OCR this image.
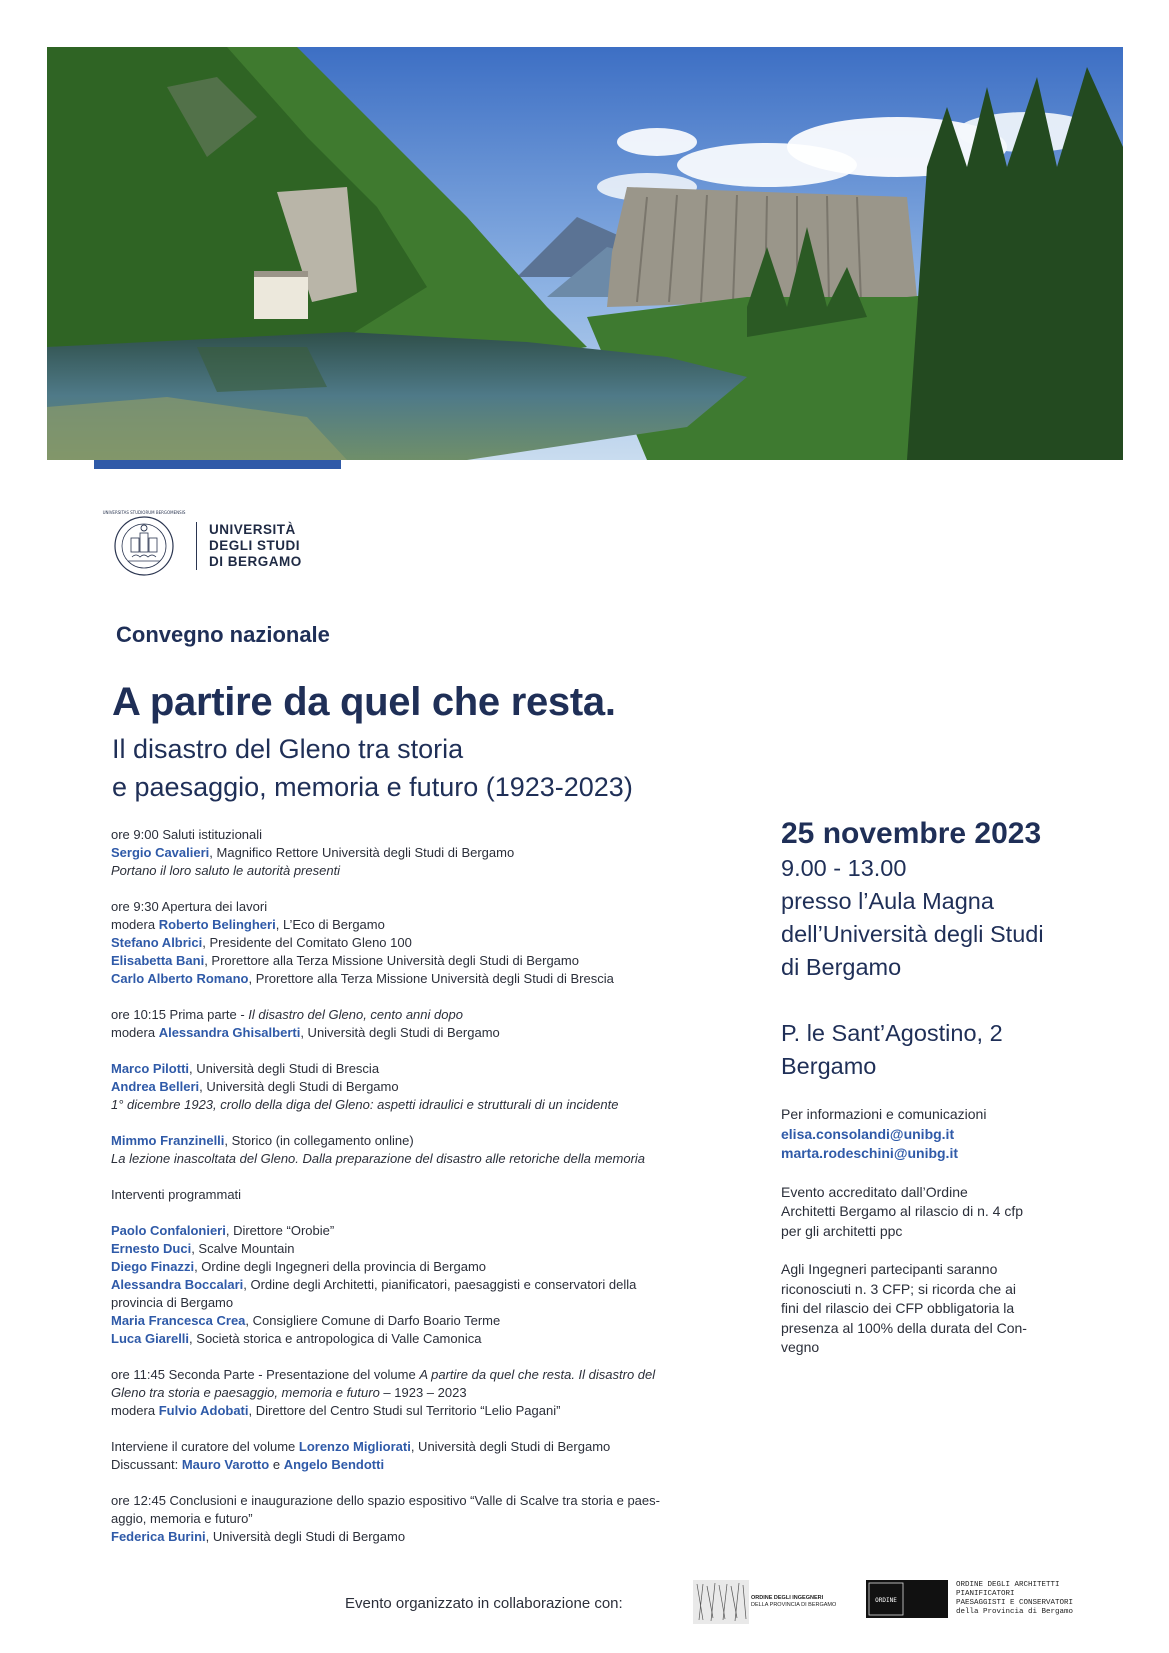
UNIVERSITAS STUDIORUM BERGOMENSIS
UNIVERSITÀ
DEGLI STUDI
DI BERGAMO
Convegno nazionale
A partire da quel che resta.
Il disastro del Gleno tra storia
e paesaggio, memoria e futuro (1923-2023)
ore 9:00 Saluti istituzionali
Sergio Cavalieri, Magnifico Rettore Università degli Studi di Bergamo
Portano il loro saluto le autorità presenti
ore 9:30 Apertura dei lavori
modera Roberto Belingheri, L’Eco di Bergamo
Stefano Albrici, Presidente del Comitato Gleno 100
Elisabetta Bani, Prorettore alla Terza Missione Università degli Studi di Bergamo
Carlo Alberto Romano, Prorettore alla Terza Missione Università degli Studi di Brescia
ore 10:15 Prima parte - Il disastro del Gleno, cento anni dopo
modera Alessandra Ghisalberti, Università degli Studi di Bergamo
Marco Pilotti, Università degli Studi di Brescia
Andrea Belleri, Università degli Studi di Bergamo
1° dicembre 1923, crollo della diga del Gleno: aspetti idraulici e strutturali di un incidente
Mimmo Franzinelli, Storico (in collegamento online)
La lezione inascoltata del Gleno. Dalla preparazione del disastro alle retoriche della memoria
Interventi programmati
Paolo Confalonieri, Direttore “Orobie”
Ernesto Duci, Scalve Mountain
Diego Finazzi, Ordine degli Ingegneri della provincia di Bergamo
Alessandra Boccalari, Ordine degli Architetti, pianificatori, paesaggisti e conservatori della
provincia di Bergamo
Maria Francesca Crea, Consigliere Comune di Darfo Boario Terme
Luca Giarelli, Società storica e antropologica di Valle Camonica
ore 11:45 Seconda Parte - Presentazione del volume A partire da quel che resta. Il disastro del
Gleno tra storia e paesaggio, memoria e futuro – 1923 – 2023
modera Fulvio Adobati, Direttore del Centro Studi sul Territorio “Lelio Pagani”
Interviene il curatore del volume Lorenzo Migliorati, Università degli Studi di Bergamo
Discussant: Mauro Varotto e Angelo Bendotti
ore 12:45 Conclusioni e inaugurazione dello spazio espositivo “Valle di Scalve tra storia e paes-
aggio, memoria e futuro”
Federica Burini, Università degli Studi di Bergamo
25 novembre 2023
9.00 - 13.00
presso l’Aula Magna
dell’Università degli Studi
di Bergamo
P. le Sant’Agostino, 2
Bergamo
Per informazioni e comunicazioni
elisa.consolandi@unibg.it
marta.rodeschini@unibg.it
Evento accreditato dall’Ordine
Architetti Bergamo al rilascio di n. 4 cfp
per gli architetti ppc
Agli Ingegneri partecipanti saranno
riconosciuti n. 3 CFP; si ricorda che ai
fini del rilascio dei CFP obbligatoria la
presenza al 100% della durata del Con-
vegno
Evento organizzato in collaborazione con:	ORDINE DEGLI INGEGNERI
DELLA PROVINCIA DI BERGAMO
ORDINE
ORDINE DEGLI ARCHITETTI
PIANIFICATORI
PAESAGGISTI E CONSERVATORI
della Provincia di Bergamo
